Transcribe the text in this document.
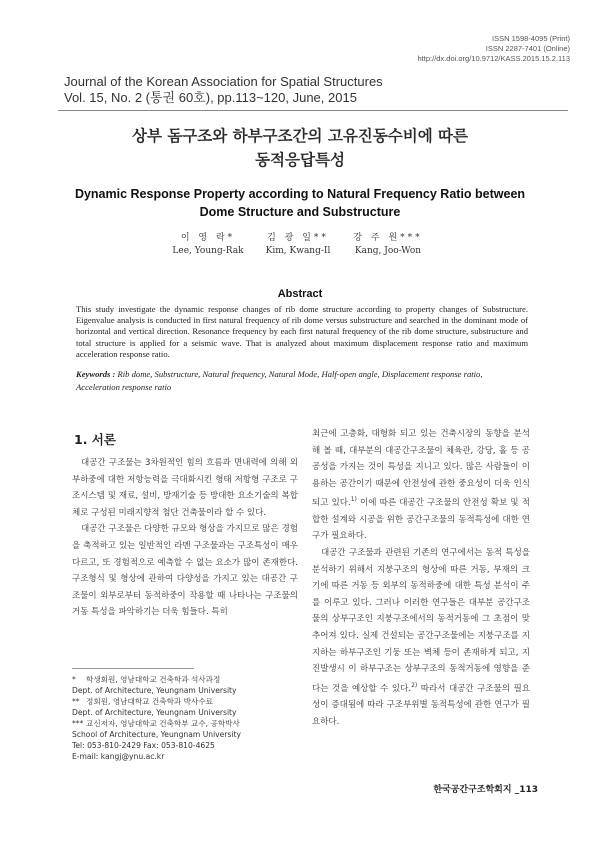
ISSN 1598-4095 (Print)
ISSN 2287-7401 (Online)
http://dx.doi.org/10.9712/KASS.2015.15.2.113
Journal of the Korean Association for Spatial Structures
Vol. 15, No. 2 (통권 60호), pp.113~120, June, 2015
상부 돔구조와 하부구조간의 고유진동수비에 따른
동적응답특성
Dynamic Response Property according to Natural Frequency Ratio between
Dome Structure and Substructure
이 영 락*
Lee, Young-Rak
김 광 일**
Kim, Kwang-Il
강 주 원***
Kang, Joo-Won
Abstract
This study investigate the dynamic response changes of rib dome structure according to property changes of Substructure. Eigenvalue analysis is conducted in first natural frequency of rib dome versus substructure and searched in the dominant mode of horizontal and vertical direction. Resonance frequency by each first natural frequency of the rib dome structure, substructure and total structure is applied for a seismic wave. That is analyzed about maximum displacement response ratio and maximum acceleration response ratio.
Keywords : Rib dome, Substructure, Natural frequency, Natural Mode, Half-open angle, Displacement response ratio, Acceleration response ratio
1. 서론

대공간 구조물는 3차원적인 힘의 흐름과 면내력에 의해 외부하중에 대한 저항능력을 극대화시킨 형태 저항형 구조로 구조시스템 및 재료, 설비, 방재기술 등 방대한 요소기술의 복합체로 구성된 미래지향적 첨단 건축물이라 할 수 있다.

대공간 구조물은 다양한 규모와 형상을 가지므로 많은 경험을 축적하고 있는 일반적인 라멘 구조물과는 구조특성이 매우 다르고, 또 경험적으로 예측할 수 없는 요소가 많이 존재한다. 구조형식 및 형상에 관하여 다양성을 가지고 있는 대공간 구조물이 외부로부터 동적하중이 작용할 때 나타나는 구조물의 거동 특성을 파악하기는 더욱 힘들다. 특히

최근에 고층화, 대형화 되고 있는 건축시장의 동향을 분석해 볼 때, 대부분의 대공간구조물이 체육관, 강당, 홀 등 공공성을 가지는 것이 특성을 지니고 있다. 많은 사람들이 이용하는 공간이기 때문에 안전성에 관한 중요성이 더욱 인식되고 있다.$^{1)}$ 이에 따른 대공간 구조물의 안전성 확보 및 적합한 설계와 시공을 위한 공간구조물의 동적특성에 대한 연구가 필요하다.

대공간 구조물과 관련된 기존의 연구에서는 동적 특성을 분석하기 위해서 지붕구조의 형상에 따른 거동, 부재의 크기에 따른 거동 등 외부의 동적하중에 대한 특성 분석이 주를 이루고 있다. 그러나 이러한 연구들은 대부분 공간구조물의 상부구조인 지붕구조에서의 동적거동에 그 초점이 맞추어져 있다. 실제 건설되는 공간구조물에는 지붕구조를 지지하는 하부구조인 기둥 또는 벽체 등이 존재하게 되고, 지진발생시 이 하부구조는 상부구조의 동적거동에 영향을 준다는 것을 예상할 수 있다.$^{2)}$ 따라서 대공간 구조물의 필요성이 증대됨에 따라 구조부위별 동적특성에 관한 연구가 필요하다.

*	학생회원, 영남대학교 건축학과 석사과정
Dept. of Architecture, Yeungnam University
** 정회원, 영남대학교 건축학과 박사수료
Dept. of Architecture, Yeungnam University
*** 교신저자, 영남대학교 건축학부 교수, 공학박사
School of Architecture, Yeungnam University
Tel: 053-810-2429 Fax: 053-810-4625
E-mail: kangj@ynu.ac.kr
한국공간구조학회지 _113
